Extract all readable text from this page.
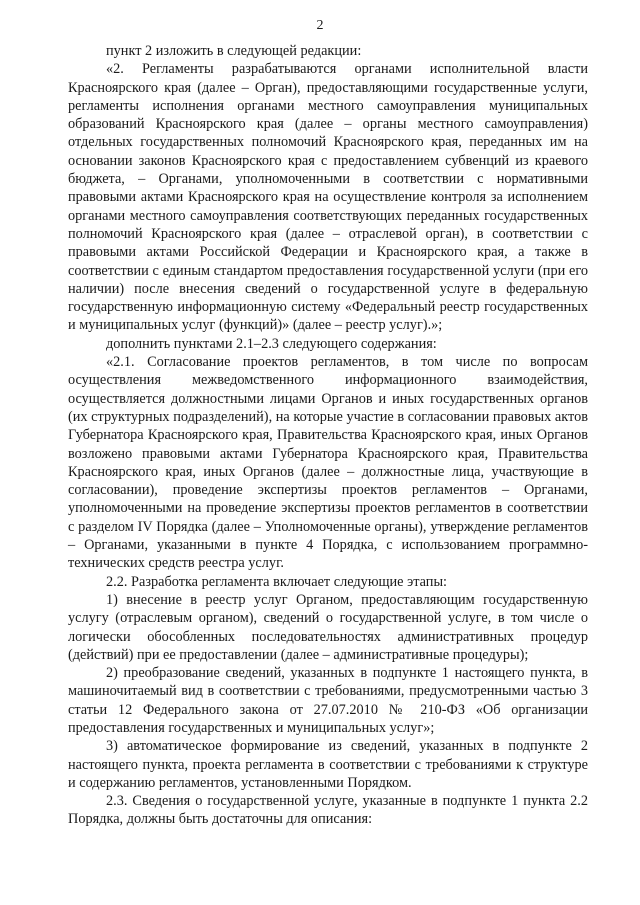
2

пункт 2 изложить в следующей редакции:

«2. Регламенты разрабатываются органами исполнительной власти Красноярского края (далее – Орган), предоставляющими государственные услуги, регламенты исполнения органами местного самоуправления муниципальных образований Красноярского края (далее – органы местного самоуправления) отдельных государственных полномочий Красноярского края, переданных им на основании законов Красноярского края с предоставлением субвенций из краевого бюджета, – Органами, уполномоченными в соответствии с нормативными правовыми актами Красноярского края на осуществление контроля за исполнением органами местного самоуправления соответствующих переданных государственных полномочий Красноярского края (далее – отраслевой орган), в соответствии с правовыми актами Российской Федерации и Красноярского края, а также в соответствии с единым стандартом предоставления государственной услуги (при его наличии) после внесения сведений о государственной услуге в федеральную государственную информационную систему «Федеральный реестр государственных и муниципальных услуг (функций)» (далее – реестр услуг).»;

дополнить пунктами 2.1–2.3 следующего содержания:

«2.1. Согласование проектов регламентов, в том числе по вопросам осуществления межведомственного информационного взаимодействия, осуществляется должностными лицами Органов и иных государственных органов (их структурных подразделений), на которые участие в согласовании правовых актов Губернатора Красноярского края, Правительства Красноярского края, иных Органов возложено правовыми актами Губернатора Красноярского края, Правительства Красноярского края, иных Органов (далее – должностные лица, участвующие в согласовании), проведение экспертизы проектов регламентов – Органами, уполномоченными на проведение экспертизы проектов регламентов в соответствии с разделом IV Порядка (далее – Уполномоченные органы), утверждение регламентов – Органами, указанными в пункте 4 Порядка, с использованием программно-технических средств реестра услуг.

2.2. Разработка регламента включает следующие этапы:

1) внесение в реестр услуг Органом, предоставляющим государственную услугу (отраслевым органом), сведений о государственной услуге, в том числе о логически обособленных последовательностях административных процедур (действий) при ее предоставлении (далее – административные процедуры);

2) преобразование сведений, указанных в подпункте 1 настоящего пункта, в машиночитаемый вид в соответствии с требованиями, предусмотренными частью 3 статьи 12 Федерального закона от 27.07.2010 № 210-ФЗ «Об организации предоставления государственных и муниципальных услуг»;

3) автоматическое формирование из сведений, указанных в подпункте 2 настоящего пункта, проекта регламента в соответствии с требованиями к структуре и содержанию регламентов, установленными Порядком.

2.3. Сведения о государственной услуге, указанные в подпункте 1 пункта 2.2 Порядка, должны быть достаточны для описания:
